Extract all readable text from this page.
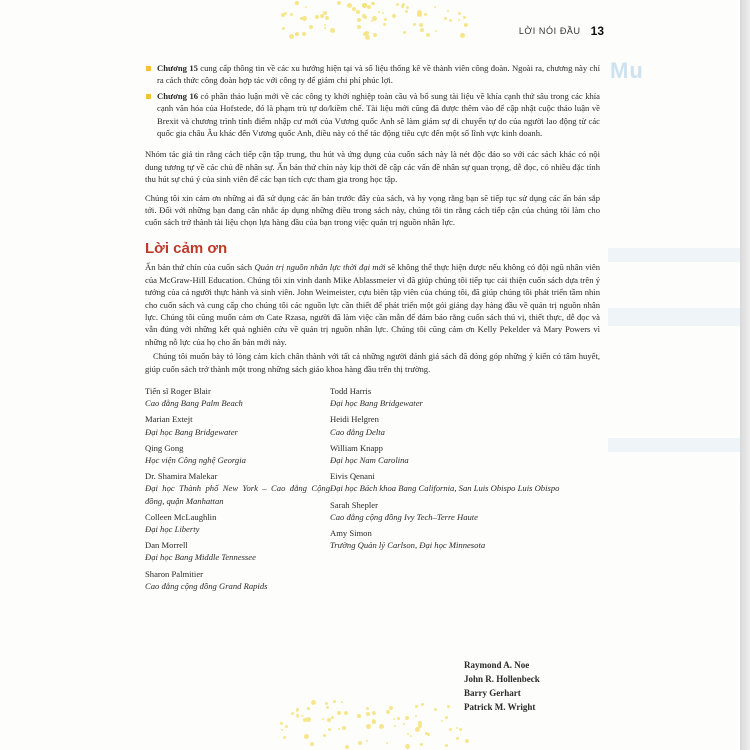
LỜI NÓI ĐẦU 13
Mu
Chương 15 cung cấp thông tin về các xu hướng hiện tại và số liệu thống kê về thành viên công đoàn. Ngoài ra, chương này chỉ ra cách thức công đoàn hợp tác với công ty để giảm chi phí phúc lợi.
Chương 16 có phần thảo luận mới về các công ty khởi nghiệp toàn cầu và bổ sung tài liệu về khía cạnh thứ sâu trong các khía cạnh văn hóa của Hofstede, đó là phạm trù tự do/kiềm chế. Tài liệu mới cũng đã được thêm vào để cập nhật cuộc thảo luận về Brexit và chương trình tính điểm nhập cư mới của Vương quốc Anh sẽ làm giảm sự di chuyển tự do của người lao động từ các quốc gia châu Âu khác đến Vương quốc Anh, điều này có thể tác động tiêu cực đến một số lĩnh vực kinh doanh.

Nhóm tác giả tin rằng cách tiếp cận tập trung, thu hút và ứng dụng của cuốn sách này là nét độc đáo so với các sách khác có nội dung tương tự về các chủ đề nhân sự. Ấn bản thứ chín này kịp thời đề cập các vấn đề nhân sự quan trọng, dễ đọc, có nhiều đặc tính thu hút sự chú ý của sinh viên để các bạn tích cực tham gia trong học tập.

Chúng tôi xin cảm ơn những ai đã sử dụng các ấn bản trước đây của sách, và hy vọng rằng bạn sẽ tiếp tục sử dụng các ấn bản sắp tới. Đối với những bạn đang cân nhắc áp dụng những điều trong sách này, chúng tôi tin rằng cách tiếp cận của chúng tôi làm cho cuốn sách trở thành tài liệu chọn lựa hàng đầu của bạn trong việc quản trị nguồn nhân lực.

Lời cảm ơn

Ấn bản thứ chín của cuốn sách Quản trị nguồn nhân lực thời đại mới sẽ không thể thực hiện được nếu không có đội ngũ nhân viên của McGraw-Hill Education. Chúng tôi xin vinh danh Mike Ablassmeier vì đã giúp chúng tôi tiếp tục cải thiện cuốn sách dựa trên ý tưởng của cả người thực hành và sinh viên. John Weimeister, cựu biên tập viên của chúng tôi, đã giúp chúng tôi phát triển tầm nhìn cho cuốn sách và cung cấp cho chúng tôi các nguồn lực cần thiết để phát triển một gói giảng dạy hàng đầu về quản trị nguồn nhân lực. Chúng tôi cũng muốn cảm ơn Cate Rzasa, người đã làm việc cần mẫn để đảm bảo rằng cuốn sách thú vị, thiết thực, dễ đọc và vẫn đúng với những kết quả nghiên cứu về quản trị nguồn nhân lực. Chúng tôi cũng cảm ơn Kelly Pekelder và Mary Powers vì những nỗ lực của họ cho ấn bản mới này.

Chúng tôi muốn bày tỏ lòng cảm kích chân thành với tất cả những người đánh giá sách đã đóng góp những ý kiến có tâm huyết, giúp cuốn sách trở thành một trong những sách giáo khoa hàng đầu trên thị trường.

Tiến sĩ Roger Blair
Cao đẳng Bang Palm Beach
Marian Extejt
Đại học Bang Bridgewater
Qing Gong
Học viện Công nghệ Georgia
Dr. Shamira Malekar
Đại học Thành phố New York – Cao đẳng Cộng đồng, quận Manhattan
Colleen McLaughlin
Đại học Liberty
Dan Morrell
Đại học Bang Middle Tennessee
Sharon Palmitier
Cao đẳng cộng đồng Grand Rapids
Todd Harris
Đại học Bang Bridgewater
Heidi Helgren
Cao đẳng Delta
William Knapp
Đại học Nam Carolina
Eivis Qenani
Đại học Bách khoa Bang California, San Luis Obispo Luis Obispo
Sarah Shepler
Cao đẳng cộng đồng Ivy Tech–Terre Haute
Amy Simon
Trường Quản lý Carlson, Đại học Minnesota
Raymond A. Noe
John R. Hollenbeck
Barry Gerhart
Patrick M. Wright
